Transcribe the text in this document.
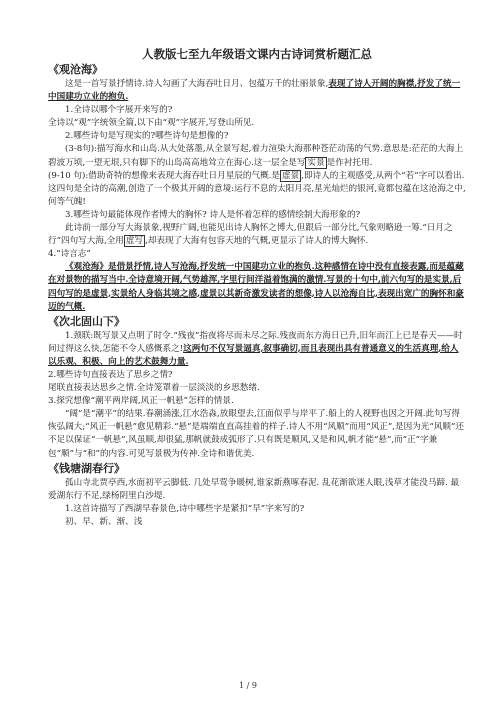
人教版七至九年级语文课内古诗词赏析题汇总
《观沧海》

这是一首写景抒情诗.诗人勾画了大海吞吐日月、包蕴万千的壮丽景象,表现了诗人开阔的胸襟,抒发了统一中国建功立业的抱负.

1.全诗以哪个字展开来写的?

全诗以“观”字统领全篇,以下由“观”字展开,写登山所见.

2.哪些诗句是写现实的?哪些诗句是想像的?

(3-8句):描写海水和山岛.从大处落墨,从全景写起,着力渲染大海那种苍茫动荡的气势.意思是:茫茫的大海上碧波万顷,一望无垠,只有脚下的山岛高高地耸立在海心.这一层全是写 实景 是作衬托用.

(9-10 句):借助奇特的想像来表现大海吞吐日月星辰的气概.是 虚景 ,即诗人的主观感受,从两个“若”字可以看出.这四句是全诗的高潮,创造了一个极其开阔的意境:运行不息的太阳月亮,星光灿烂的银河,竟都包蕴在这沧海之中,何等气魄!

3.哪些诗句最能体现作者博大的胸怀? 诗人是怀着怎样的感情绘制大海形象的?

此诗前一部分写大海景象,视野广阔,也能见出诗人胸怀之博大,但跟后一部分比,气象则略逊一筹.“日月之行”四句写大海,全用 虚写 ,却表现了大海有包容天地的气概,更显示了诗人的博大胸怀.

4.“诗言志”

《观沧海》是借景抒情,诗人写沧海,抒发统一中国建功立业的抱负.这种感情在诗中没有直接表露,而是蕴藏在对景物的描写当中.全诗意境开阔,气势雄浑,字里行间洋溢着饱满的激情.写景的十句中,前六句写的是实景,后四句写的是虚景,实景给人身临其境之感,虚景以其新奇激发读者的想像,诗人以沧海自比,表现出宽广的胸怀和豪迈的气概.

《次北固山下》

1.颈联:既写景又点明了时令.“残夜”指夜将尽而未尽之际.残夜而东方海日已升,旧年而江上已是春天——时间过得这么快,怎能不令人感慨系之!这两句不仅写景逼真,叙事确切,而且表现出具有普通意义的生活真理,给人以乐观、积极、向上的艺术鼓舞力量.

2.哪些诗句直接表达了思乡之情?

尾联直接表达思乡之情.全诗笼罩着一层淡淡的乡思愁绪.

3.探究想像“潮平两岸阔,风正一帆悬”怎样的情景.

“阔”是“潮平”的结果.春潮涌涨,江水浩淼,放眼望去,江面似乎与岸平了.船上的人视野也因之开阔.此句写得恢弘阔大;“风正一帆悬”愈见精彩.“悬”是端端直直高挂着的样子.诗人不用“风顺”而用“风正”,是因为光“风顺”还不足以保证“一帆悬”,风虽顺,却很猛,那帆就鼓成弧形了.只有既是顺风,又是和风,帆才能“悬”,而“正”字兼包“顺”与“和”的内容.可见写景极为传神.全诗和谐优美.

《钱塘湖春行》

孤山寺北贾亭西,水面初平云脚低. 几处早莺争暖树,谁家新燕啄春泥. 乱花渐欲迷人眼,浅草才能没马蹄. 最爱湖东行不足,绿杨阴里白沙堤.

1.这首诗描写了西湖早春景色,诗中哪些字是紧扣“早”字来写的?

初、早、新、渐、浅

1 / 9
